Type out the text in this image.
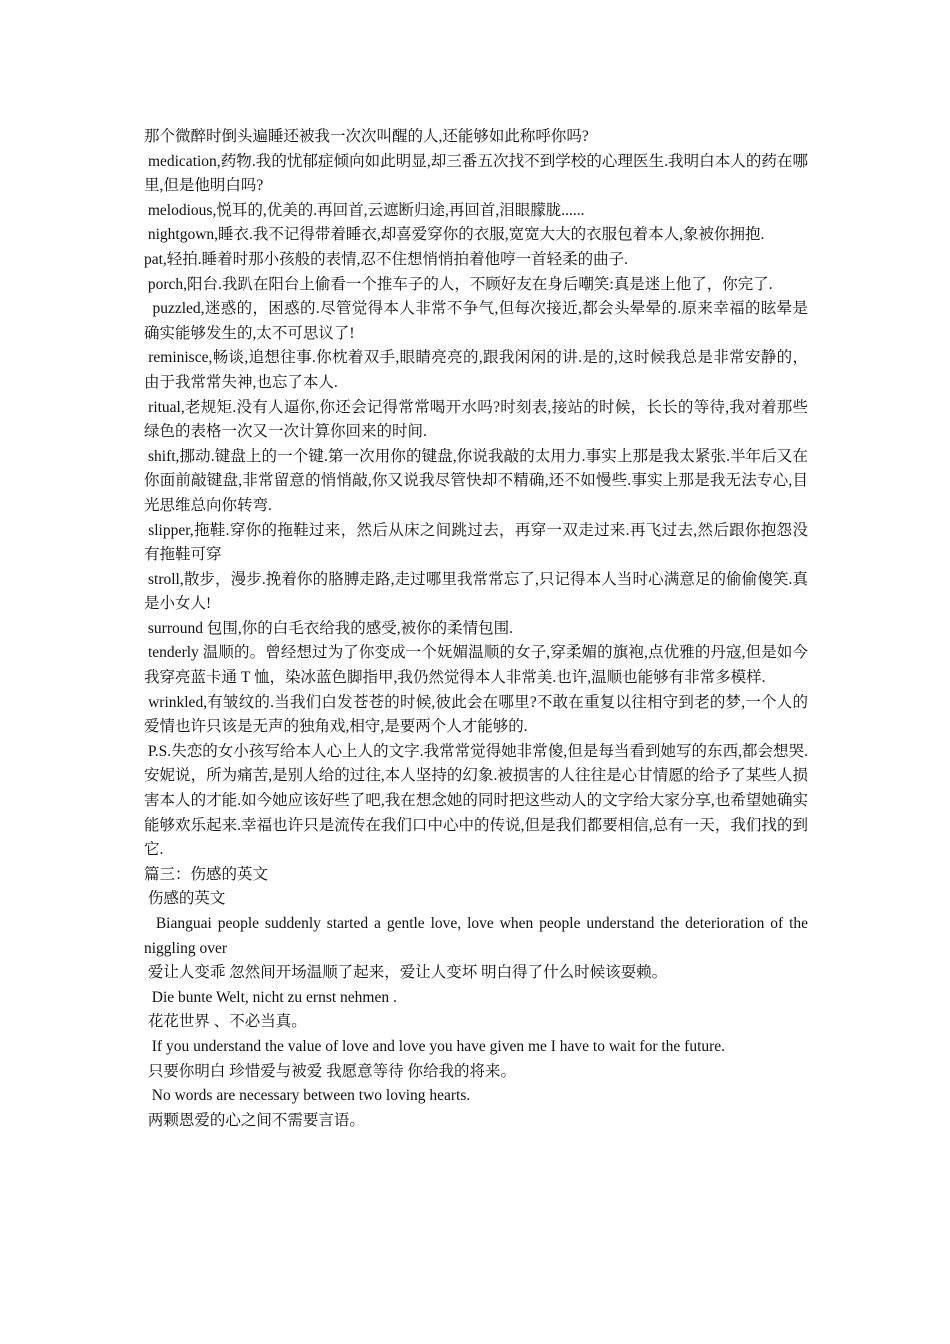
那个微醉时倒头遍睡还被我一次次叫醒的人,还能够如此称呼你吗?

medication,药物.我的忧郁症倾向如此明显,却三番五次找不到学校的心理医生.我明白本人的药在哪里,但是他明白吗?

melodious,悦耳的,优美的.再回首,云遮断归途,再回首,泪眼朦胧......

nightgown,睡衣.我不记得带着睡衣,却喜爱穿你的衣服,宽宽大大的衣服包着本人,象被你拥抱.

pat,轻拍.睡着时那小孩般的表情,忍不住想悄悄拍着他哼一首轻柔的曲子.

porch,阳台.我趴在阳台上偷看一个推车子的人，不顾好友在身后嘲笑:真是迷上他了，你完了.

puzzled,迷惑的，困惑的.尽管觉得本人非常不争气,但每次接近,都会头晕晕的.原来幸福的眩晕是确实能够发生的,太不可思议了!

reminisce,畅谈,追想往事.你枕着双手,眼睛亮亮的,跟我闲闲的讲.是的,这时候我总是非常安静的，由于我常常失神,也忘了本人.

ritual,老规矩.没有人逼你,你还会记得常常喝开水吗?时刻表,接站的时候，长长的等待,我对着那些绿色的表格一次又一次计算你回来的时间.

shift,挪动.键盘上的一个键.第一次用你的键盘,你说我敲的太用力.事实上那是我太紧张.半年后又在你面前敲键盘,非常留意的悄悄敲,你又说我尽管快却不精确,还不如慢些.事实上那是我无法专心,目光思维总向你转弯.

slipper,拖鞋.穿你的拖鞋过来，然后从床之间跳过去，再穿一双走过来.再飞过去,然后跟你抱怨没有拖鞋可穿

stroll,散步，漫步.挽着你的胳膊走路,走过哪里我常常忘了,只记得本人当时心满意足的偷偷傻笑.真是小女人!

surround 包围,你的白毛衣给我的感受,被你的柔情包围.

tenderly 温顺的。曾经想过为了你变成一个妩媚温顺的女子,穿柔媚的旗袍,点优雅的丹寇,但是如今我穿亮蓝卡通 T 恤，染冰蓝色脚指甲,我仍然觉得本人非常美.也许,温顺也能够有非常多模样.

wrinkled,有皱纹的.当我们白发苍苍的时候,彼此会在哪里?不敢在重复以往相守到老的梦,一个人的爱情也许只该是无声的独角戏,相守,是要两个人才能够的.

P.S.失恋的女小孩写给本人心上人的文字.我常常觉得她非常傻,但是每当看到她写的东西,都会想哭.安妮说，所为痛苦,是别人给的过往,本人坚持的幻象.被损害的人往往是心甘情愿的给予了某些人损害本人的才能.如今她应该好些了吧,我在想念她的同时把这些动人的文字给大家分享,也希望她确实能够欢乐起来.幸福也许只是流传在我们口中心中的传说,但是我们都要相信,总有一天，我们找的到它.

篇三：伤感的英文

伤感的英文

Bianguai people suddenly started a gentle love, love when people understand the deterioration of the niggling over

爱让人变乖 忽然间开场温顺了起来，爱让人变坏 明白得了什么时候该耍赖。

Die bunte Welt, nicht zu ernst nehmen .

花花世界 、不必当真。

If you understand the value of love and love you have given me I have to wait for the future.

只要你明白 珍惜爱与被爱 我愿意等待 你给我的将来。

No words are necessary between two loving hearts.

两颗恩爱的心之间不需要言语。
